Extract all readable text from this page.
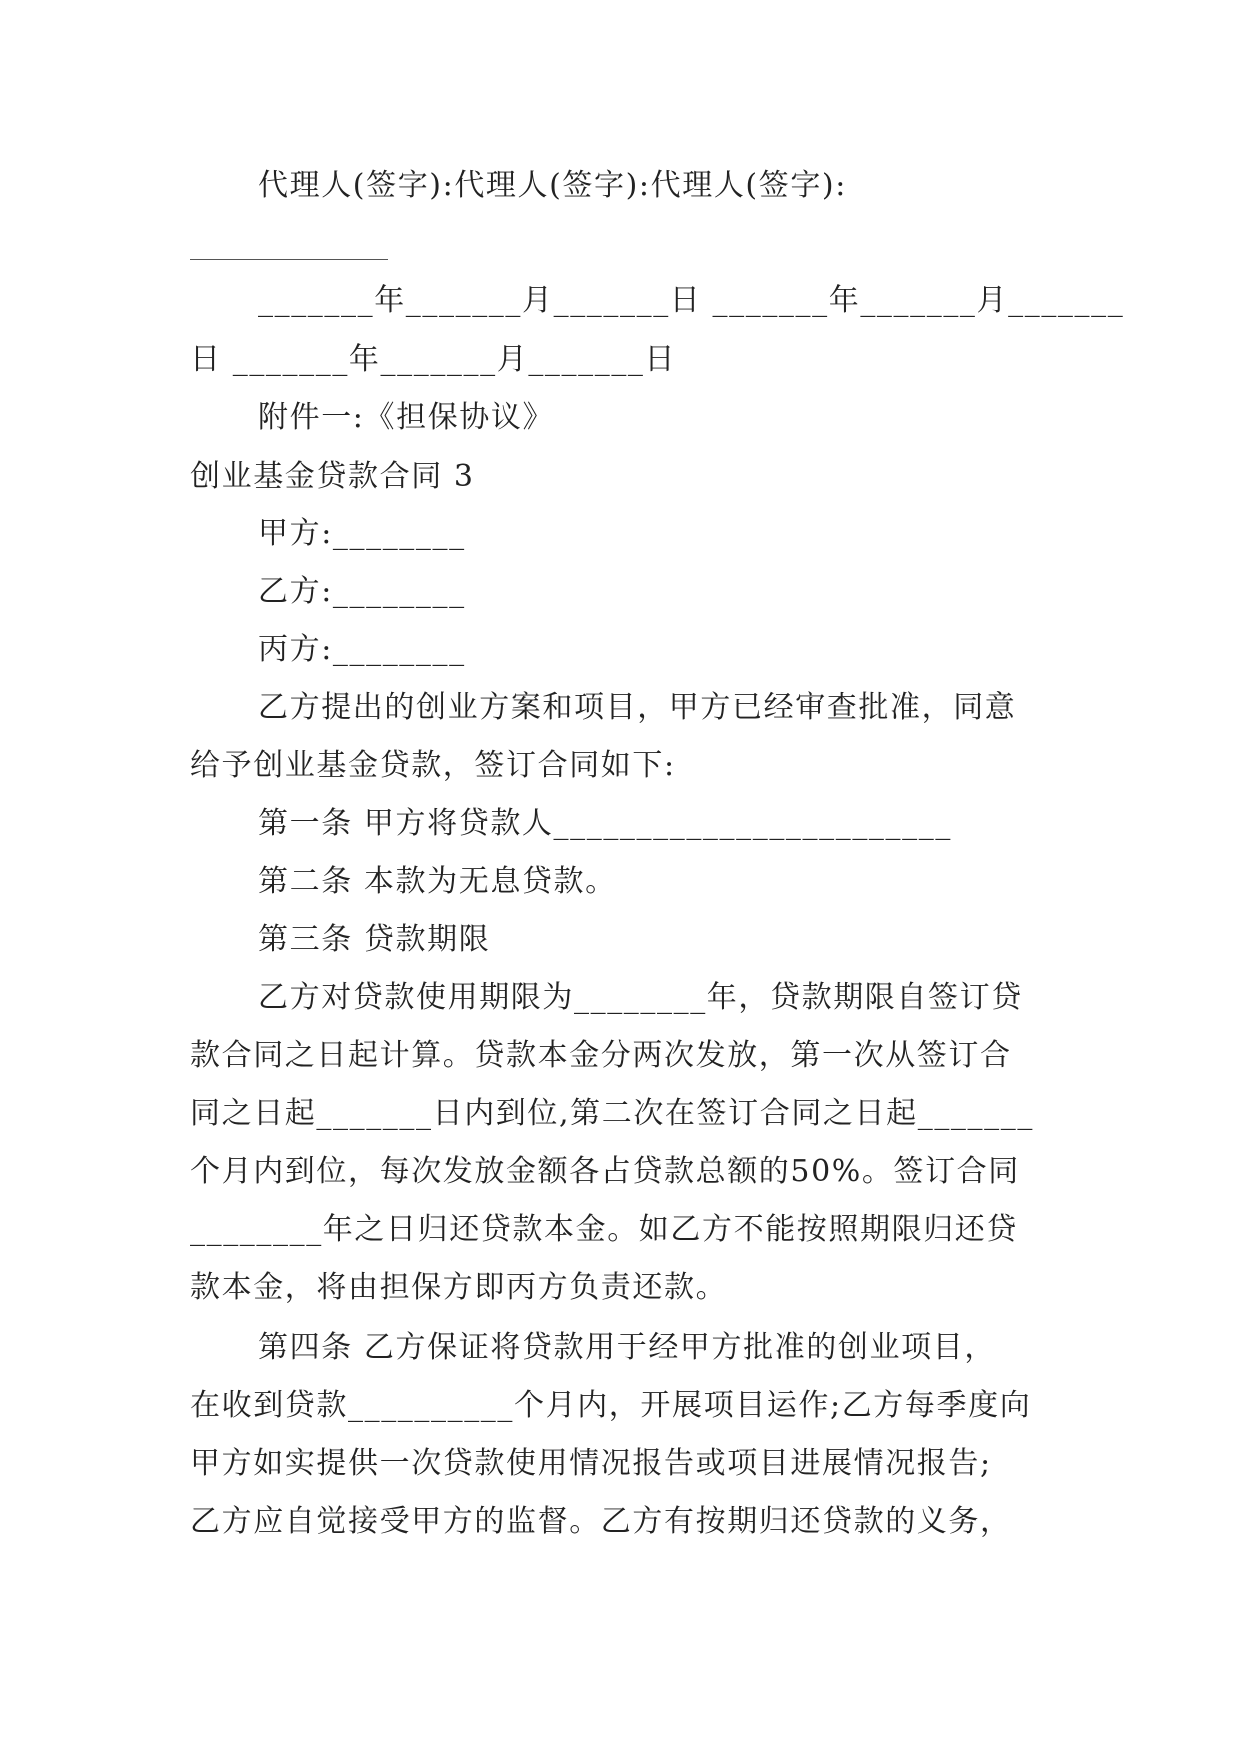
代理人(签字):代理人(签字):代理人(签字):
_______年_______月_______日 _______年_______月_______
日 _______年_______月_______日
附件一:《担保协议》
创业基金贷款合同 3
甲方:________
乙方:________
丙方:________
乙方提出的创业方案和项目，甲方已经审查批准，同意
给予创业基金贷款，签订合同如下:
第一条 甲方将贷款人________________________
第二条 本款为无息贷款。
第三条 贷款期限
乙方对贷款使用期限为________年，贷款期限自签订贷
款合同之日起计算。贷款本金分两次发放，第一次从签订合
同之日起_______日内到位,第二次在签订合同之日起_______
个月内到位，每次发放金额各占贷款总额的50%。签订合同
________年之日归还贷款本金。如乙方不能按照期限归还贷
款本金，将由担保方即丙方负责还款。
第四条 乙方保证将贷款用于经甲方批准的创业项目，
在收到贷款__________个月内，开展项目运作;乙方每季度向
甲方如实提供一次贷款使用情况报告或项目进展情况报告;
乙方应自觉接受甲方的监督。乙方有按期归还贷款的义务，
